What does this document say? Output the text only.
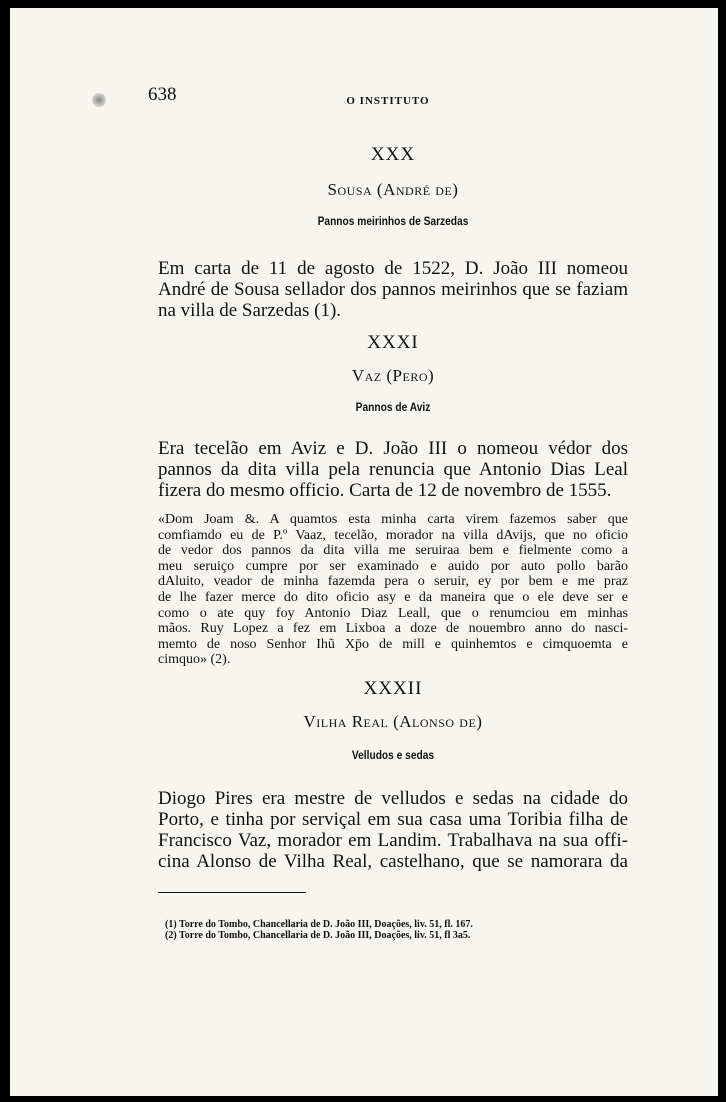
638	O INSTITUTO
XXX
Sousa (André de)
Pannos meirinhos de Sarzedas
Em carta de 11 de agosto de 1522, D. João III nomeou
André de Sousa sellador dos pannos meirinhos que se faziam
na villa de Sarzedas (1).
XXXI
Vaz (Pero)
Pannos de Aviz
Era tecelão em Aviz e D. João III o nomeou védor dos
pannos da dita villa pela renuncia que Antonio Dias Leal
fizera do mesmo officio. Carta de 12 de novembro de 1555.
«Dom Joam &. A quamtos esta minha carta virem fazemos saber que
comfiamdo eu de P.º Vaaz, tecelão, morador na villa dAvijs, que no oficio
de vedor dos pannos da dita villa me seruiraa bem e fielmente como a
meu seruiço cumpre por ser examinado e auido por auto pollo barão
dAluito, veador de minha fazemda pera o seruir, ey por bem e me praz
de lhe fazer merce do dito oficio asy e da maneira que o ele deve ser e
como o ate quy foy Antonio Diaz Leall, que o renumciou em minhas
mãos. Ruy Lopez a fez em Lixboa a doze de nouembro anno do nasci-
memto de noso Senhor Ihũ Xp̄o de mill e quinhemtos e cimquoemta e
cimquo» (2).
XXXII
Vilha Real (Alonso de)
Velludos e sedas
Diogo Pires era mestre de velludos e sedas na cidade do
Porto, e tinha por serviçal em sua casa uma Toribia filha de
Francisco Vaz, morador em Landim. Trabalhava na sua offi-
cina Alonso de Vilha Real, castelhano, que se namorara da
(1) Torre do Tombo, Chancellaria de D. João III, Doações, liv. 51, fl. 167.
(2) Torre do Tombo, Chancellaria de D. João III, Doações, liv. 51, fl 3a5.
